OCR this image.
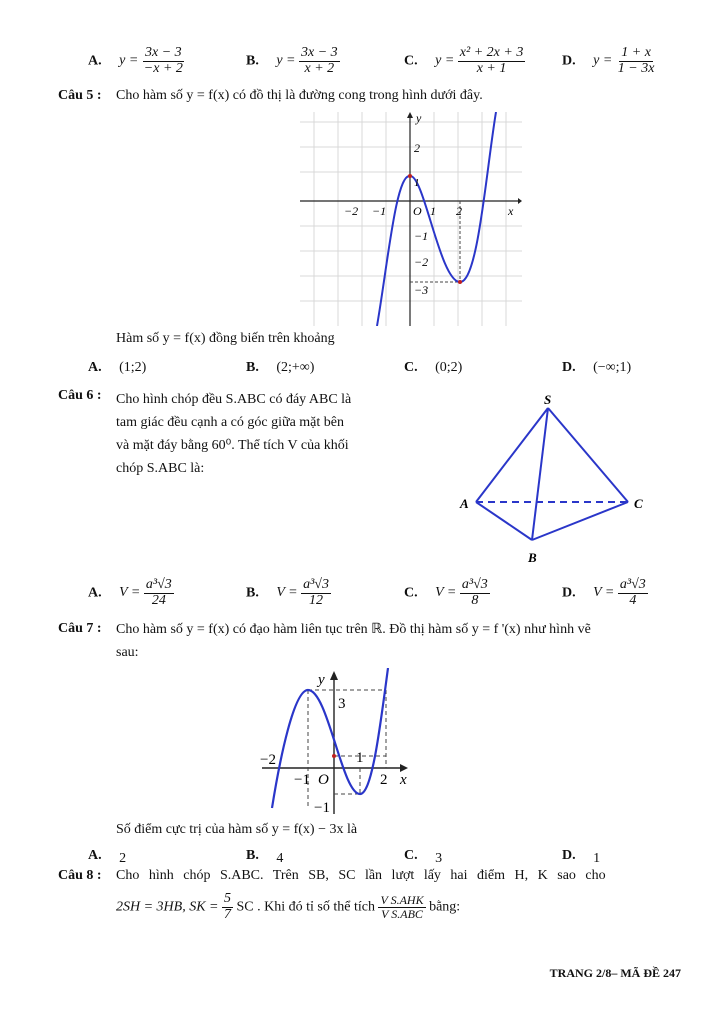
A. $y = \frac{3x - 3}{-x + 2}$	B. $y = \frac{3x - 3}{x + 2}$	C. $y = \frac{\text{x² + 2x + 3}}{x + 1}$	D. $y = \frac{1 + x}{1 - 3x}$
Câu 5 : Cho hàm số y = f(x) có đồ thị là đường cong trong hình dưới đây.
−2 −1 O 1 2	x
y
2
1
−1
−2
−3
Hàm số y = f(x) đồng biến trên khoảng
A. (1;2)	B. (2;+∞)	C. (0;2)	D. (−∞;1)
Câu 6 : Cho hình chóp đều S.ABC có đáy ABC là
tam giác đều cạnh a có góc giữa mặt bên
và mặt đáy bằng 60⁰. Thể tích V của khối
chóp S.ABC là:
S
A	C
B
A. $V = \frac{\text{a³√3}}{24}$	B. $V = \frac{\text{a³√3}}{12}$	C. $V = \frac{\text{a³√3}}{8}$	D. $V = \frac{\text{a³√3}}{4}$
Câu 7 : Cho hàm số y = f(x) có đạo hàm liên tục trên ℝ. Đồ thị hàm số y = f '(x) như hình vẽ
sau:
y
3
−2	1
−1 O	2 x
−1
Số điểm cực trị của hàm số y = f(x) − 3x là
A. 2	B. 4	C. 3	D. 1
Câu 8 : Cho hình chóp S.ABC. Trên SB, SC lần lượt lấy hai điểm H, K sao cho
2SH = 3HB, SK = $\frac{5}{7}$ SC . Khi đó tỉ số thể tích $\frac{\text{V S.AHK}}{\text{V S.ABC}}$ bằng:
TRANG 2/8– MÃ ĐỀ 247
